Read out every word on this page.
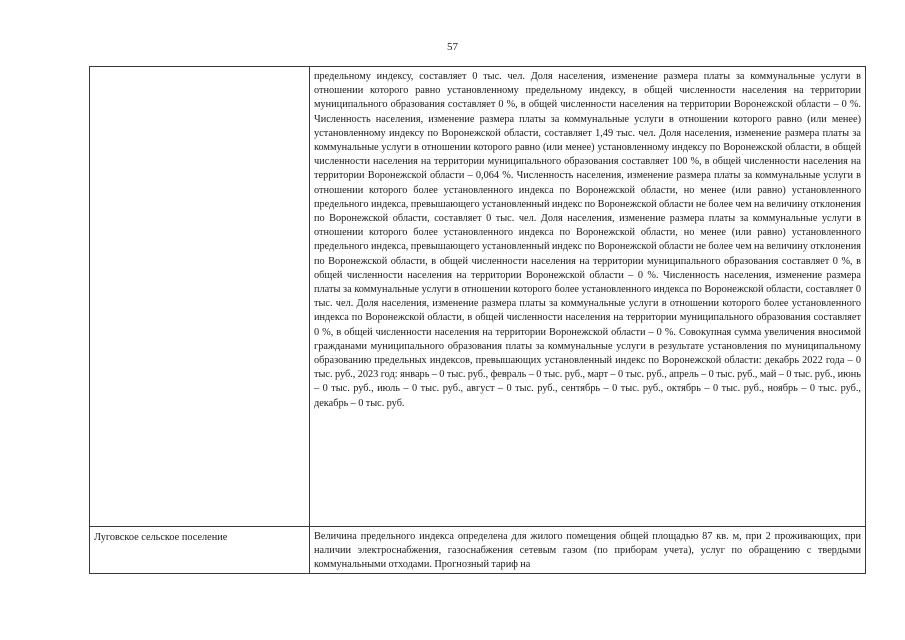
57

	предельному индексу, составляет 0 тыс. чел. Доля населения, изменение размера платы за коммунальные услуги в отношении которого равно установленному предельному индексу, в общей численности населения на территории муниципального образования составляет 0 %, в общей численности населения на территории Воронежской области – 0 %. Численность населения, изменение размера платы за коммунальные услуги в отношении которого равно (или менее) установленному индексу по Воронежской области, составляет 1,49 тыс. чел. Доля населения, изменение размера платы за коммунальные услуги в отношении которого равно (или менее) установленному индексу по Воронежской области, в общей численности населения на территории муниципального образования составляет 100 %, в общей численности населения на территории Воронежской области – 0,064 %. Численность населения, изменение размера платы за коммунальные услуги в отношении которого более установленного индекса по Воронежской области, но менее (или равно) установленного предельного индекса, превышающего установленный индекс по Воронежской области не более чем на величину отклонения по Воронежской области, составляет 0 тыс. чел. Доля населения, изменение размера платы за коммунальные услуги в отношении которого более установленного индекса по Воронежской области, но менее (или равно) установленного предельного индекса, превышающего установленный индекс по Воронежской области не более чем на величину отклонения по Воронежской области, в общей численности населения на территории муниципального образования составляет 0 %, в общей численности населения на территории Воронежской области – 0 %. Численность населения, изменение размера платы за коммунальные услуги в отношении которого более установленного индекса по Воронежской области, составляет 0 тыс. чел. Доля населения, изменение размера платы за коммунальные услуги в отношении которого более установленного индекса по Воронежской области, в общей численности населения на территории муниципального образования составляет 0 %, в общей численности населения на территории Воронежской области – 0 %. Совокупная сумма увеличения вносимой гражданами муниципального образования платы за коммунальные услуги в результате установления по муниципальному образованию предельных индексов, превышающих установленный индекс по Воронежской области: декабрь 2022 года – 0 тыс. руб., 2023 год: январь – 0 тыс. руб., февраль – 0 тыс. руб., март – 0 тыс. руб., апрель – 0 тыс. руб., май – 0 тыс. руб., июнь – 0 тыс. руб., июль – 0 тыс. руб., август – 0 тыс. руб., сентябрь – 0 тыс. руб., октябрь – 0 тыс. руб., ноябрь – 0 тыс. руб., декабрь – 0 тыс. руб.

Луговское сельское поселение	Величина предельного индекса определена для жилого помещения общей площадью 87 кв. м, при 2 проживающих, при наличии электроснабжения, газоснабжения сетевым газом (по приборам учета), услуг по обращению с твердыми коммунальными отходами. Прогнозный тариф на
